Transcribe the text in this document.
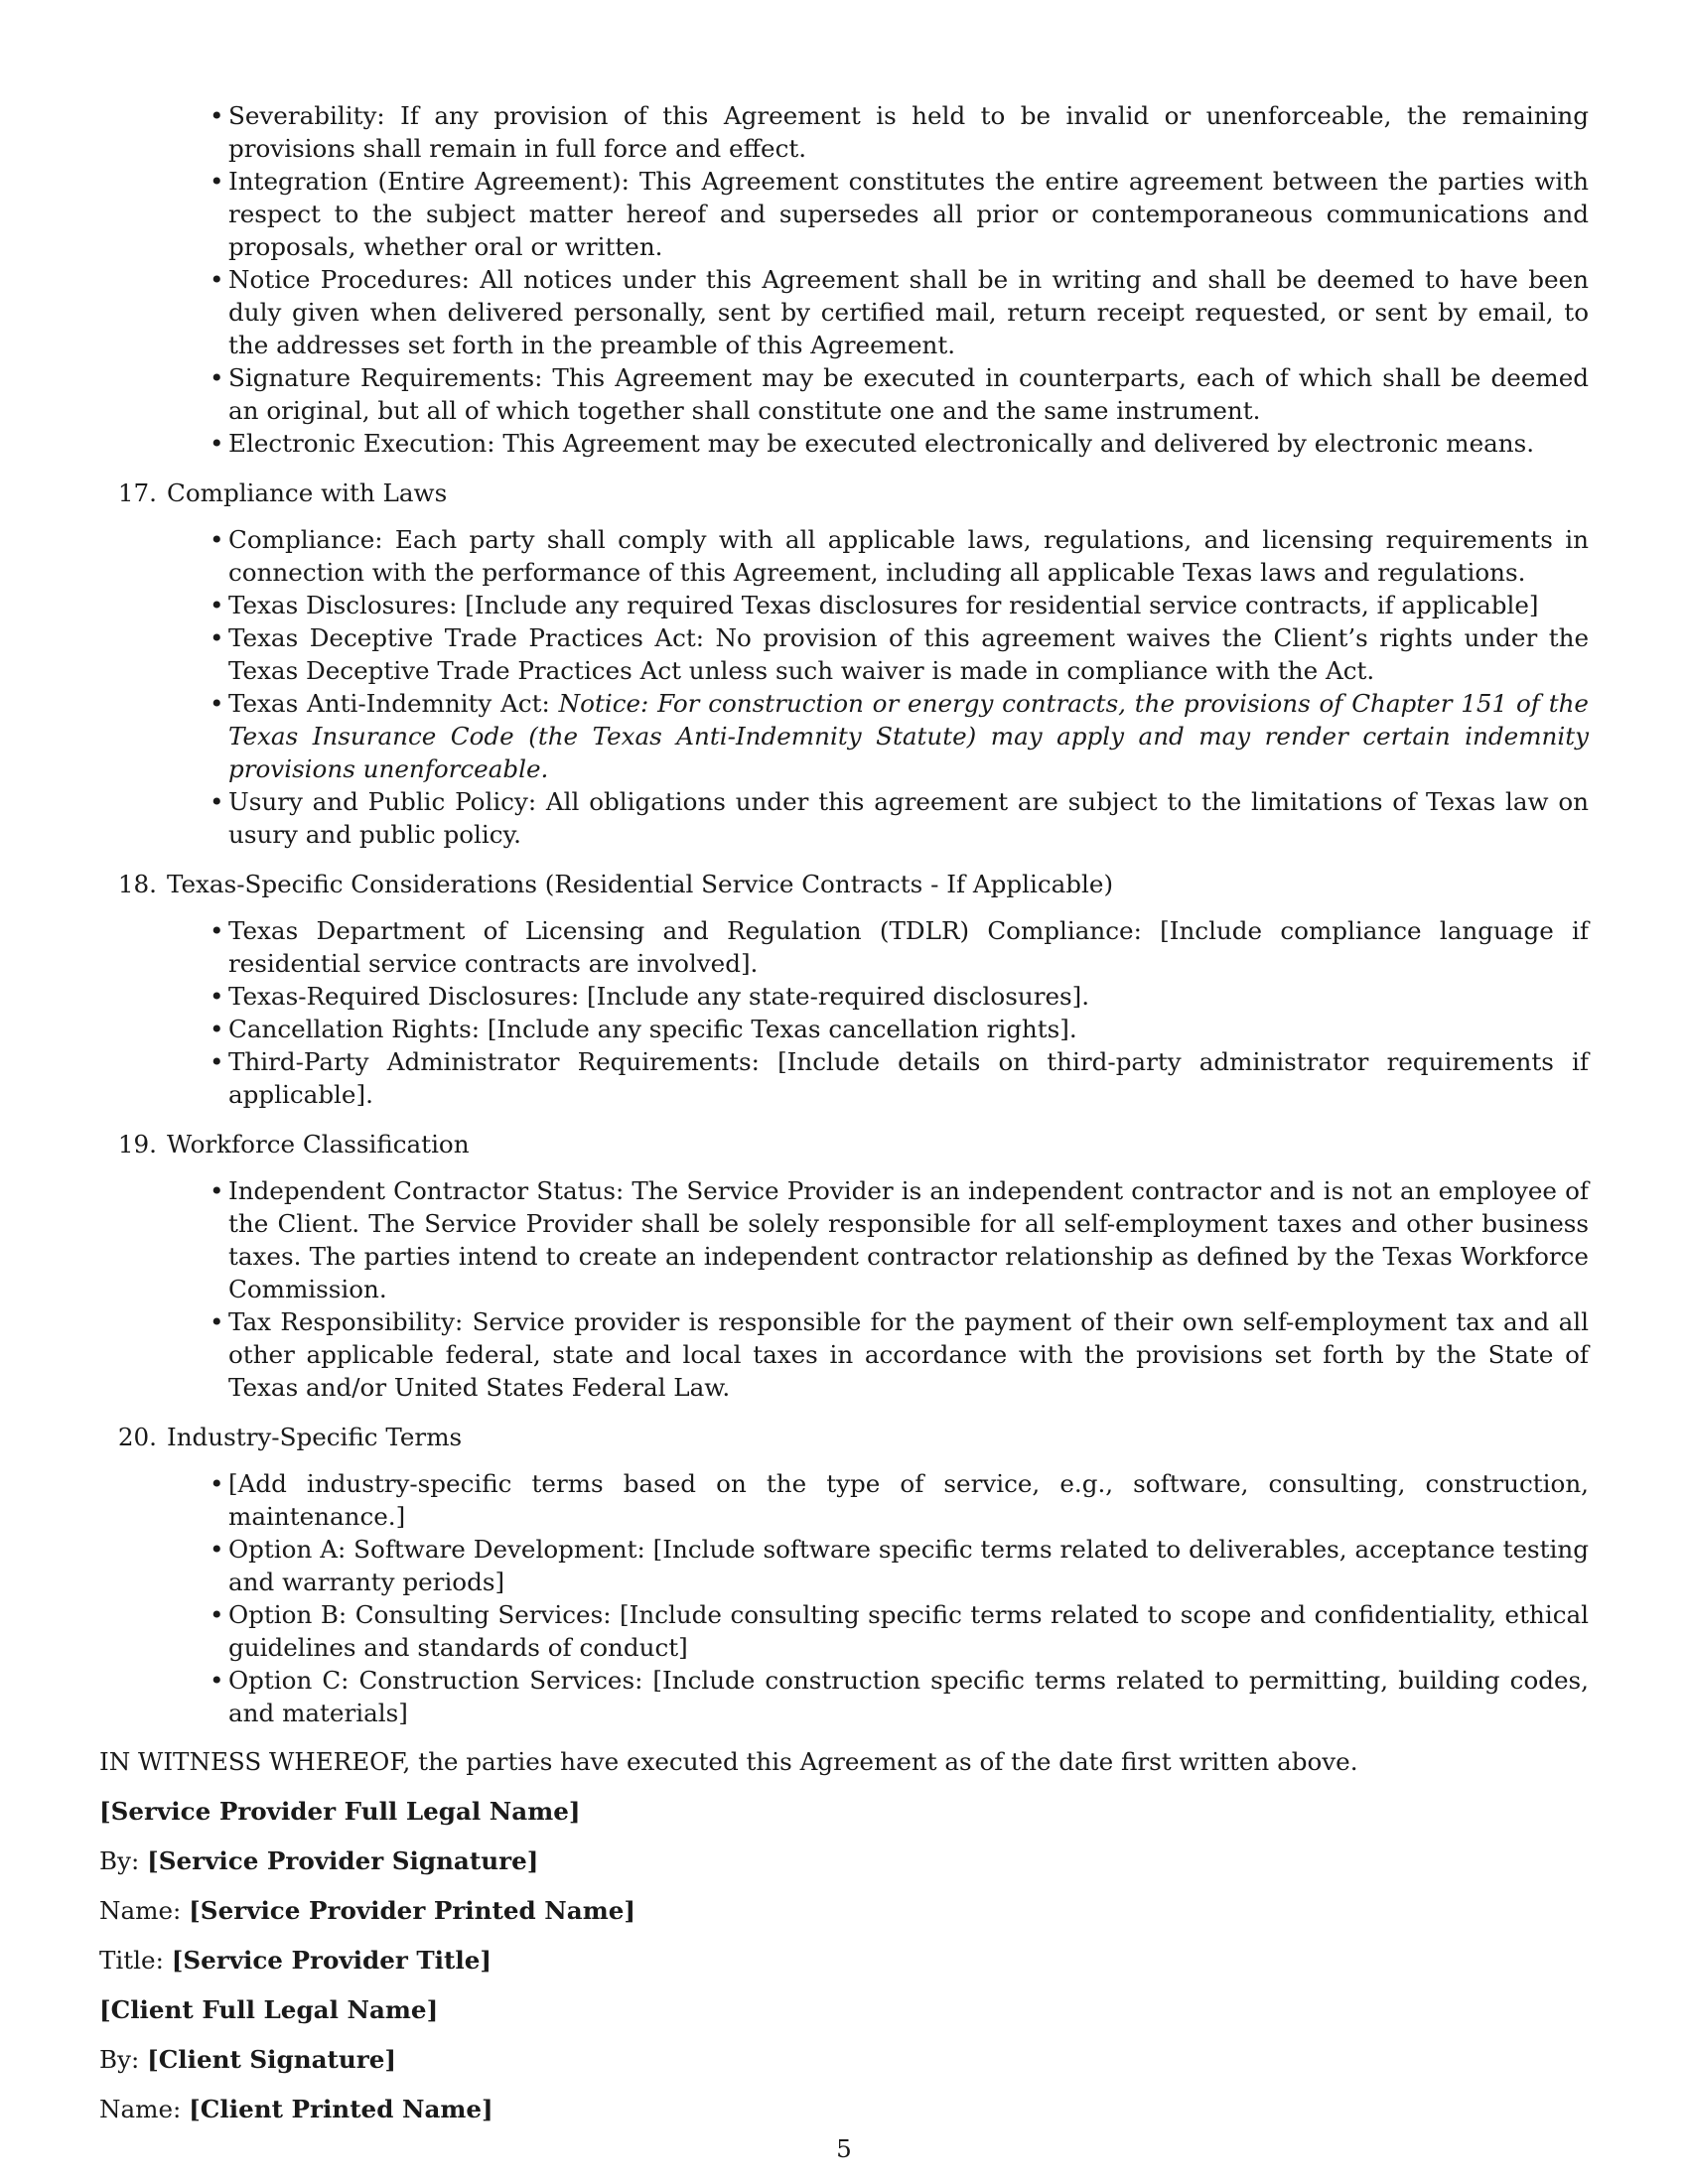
• Severability: If any provision of this Agreement is held to be invalid or unenforceable, the remaining provisions shall remain in full force and effect.
• Integration (Entire Agreement): This Agreement constitutes the entire agreement between the parties with respect to the subject matter hereof and supersedes all prior or contemporaneous communications and proposals, whether oral or written.
• Notice Procedures: All notices under this Agreement shall be in writing and shall be deemed to have been duly given when delivered personally, sent by certified mail, return receipt requested, or sent by email, to the addresses set forth in the preamble of this Agreement.
• Signature Requirements: This Agreement may be executed in counterparts, each of which shall be deemed an original, but all of which together shall constitute one and the same instrument.
• Electronic Execution: This Agreement may be executed electronically and delivered by electronic means.
17. Compliance with Laws
• Compliance: Each party shall comply with all applicable laws, regulations, and licensing requirements in connection with the performance of this Agreement, including all applicable Texas laws and regulations.
• Texas Disclosures: [Include any required Texas disclosures for residential service contracts, if applicable]
• Texas Deceptive Trade Practices Act: No provision of this agreement waives the Client’s rights under the Texas Deceptive Trade Practices Act unless such waiver is made in compliance with the Act.
• Texas Anti-Indemnity Act: Notice: For construction or energy contracts, the provisions of Chapter 151 of the Texas Insurance Code (the Texas Anti-Indemnity Statute) may apply and may render certain indemnity provisions unenforceable.
• Usury and Public Policy: All obligations under this agreement are subject to the limitations of Texas law on usury and public policy.
18. Texas-Specific Considerations (Residential Service Contracts - If Applicable)
• Texas Department of Licensing and Regulation (TDLR) Compliance: [Include compliance language if residential service contracts are involved].
• Texas-Required Disclosures: [Include any state-required disclosures].
• Cancellation Rights: [Include any specific Texas cancellation rights].
• Third-Party Administrator Requirements: [Include details on third-party administrator requirements if applicable].
19. Workforce Classification
• Independent Contractor Status: The Service Provider is an independent contractor and is not an employee of the Client. The Service Provider shall be solely responsible for all self-employment taxes and other business taxes. The parties intend to create an independent contractor relationship as defined by the Texas Workforce Commission.
• Tax Responsibility: Service provider is responsible for the payment of their own self-employment tax and all other applicable federal, state and local taxes in accordance with the provisions set forth by the State of Texas and/or United States Federal Law.
20. Industry-Specific Terms
• [Add industry-specific terms based on the type of service, e.g., software, consulting, construction, maintenance.]
• Option A: Software Development: [Include software specific terms related to deliverables, acceptance testing and warranty periods]
• Option B: Consulting Services: [Include consulting specific terms related to scope and confidentiality, ethical guidelines and standards of conduct]
• Option C: Construction Services: [Include construction specific terms related to permitting, building codes, and materials]

IN WITNESS WHEREOF, the parties have executed this Agreement as of the date first written above.

[Service Provider Full Legal Name]

By: [Service Provider Signature]

Name: [Service Provider Printed Name]

Title: [Service Provider Title]

[Client Full Legal Name]

By: [Client Signature]

Name: [Client Printed Name]

5
